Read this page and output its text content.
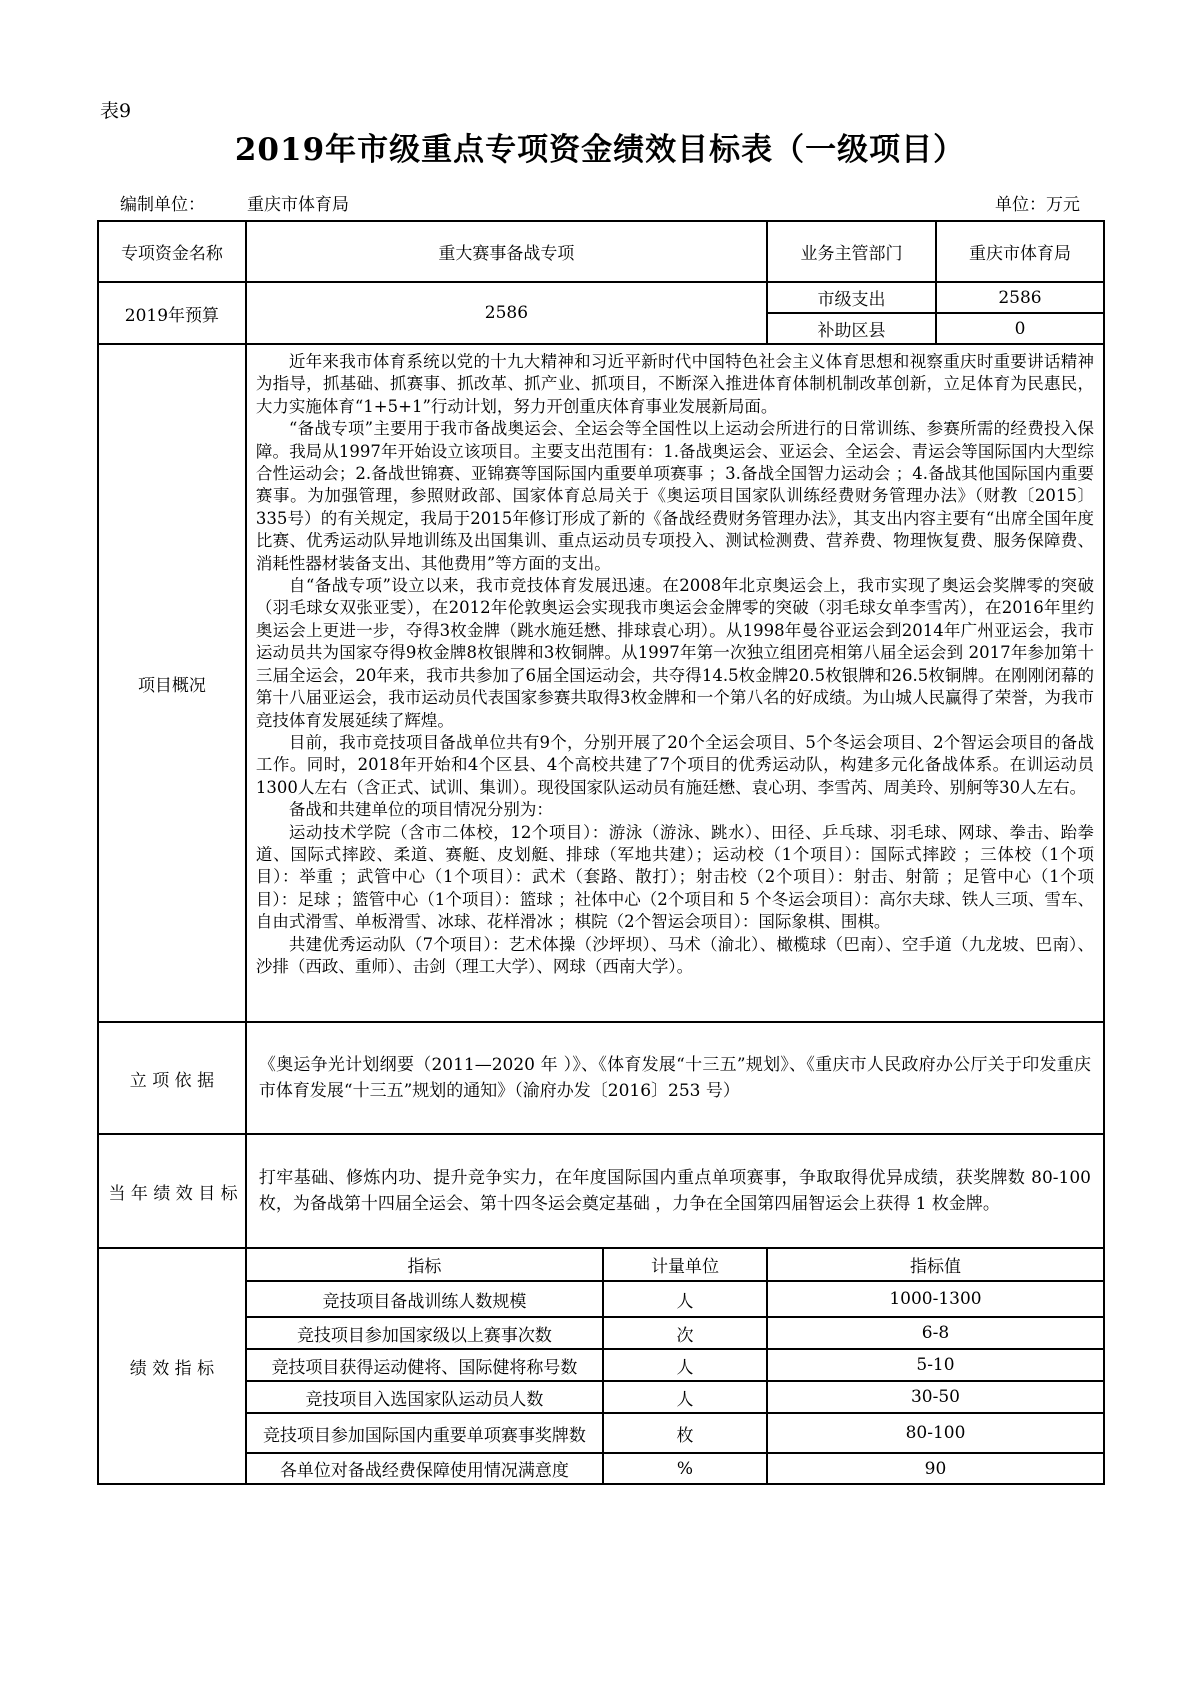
表9
2019年市级重点专项资金绩效目标表（一级项目）
编制单位： 重庆市体育局	单位：万元
专项资金名称	重大赛事备战专项		业务主管部门	重庆市体育局
2019年预算	2586		市级支出	2586
			补助区县	0
项目概况	

近年来我市体育系统以党的十九大精神和习近平新时代中国特色社会主义体育思想和视察重庆时重要讲话精神为指导，抓基础、抓赛事、抓改革、抓产业、抓项目，不断深入推进体育体制机制改革创新，立足体育为民惠民，大力实施体育“1+5+1”行动计划，努力开创重庆体育事业发展新局面。

“备战专项”主要用于我市备战奥运会、全运会等全国性以上运动会所进行的日常训练、参赛所需的经费投入保障。我局从1997年开始设立该项目。主要支出范围有：1.备战奥运会、亚运会、全运会、青运会等国际国内大型综合性运动会；2.备战世锦赛、亚锦赛等国际国内重要单项赛事 ；3.备战全国智力运动会 ；4.备战其他国际国内重要赛事。为加强管理，参照财政部、国家体育总局关于《奥运项目国家队训练经费财务管理办法》（财教〔2015〕335号）的有关规定，我局于2015年修订形成了新的《备战经费财务管理办法》，其支出内容主要有“出席全国年度比赛、优秀运动队异地训练及出国集训、重点运动员专项投入、测试检测费、营养费、物理恢复费、服务保障费、消耗性器材装备支出、其他费用”等方面的支出。

自“备战专项”设立以来，我市竞技体育发展迅速。在2008年北京奥运会上，我市实现了奥运会奖牌零的突破（羽毛球女双张亚雯），在2012年伦敦奥运会实现我市奥运会金牌零的突破（羽毛球女单李雪芮），在2016年里约奥运会上更进一步，夺得3枚金牌（跳水施廷懋、排球袁心玥）。从1998年曼谷亚运会到2014年广州亚运会，我市运动员共为国家夺得9枚金牌8枚银牌和3枚铜牌。从1997年第一次独立组团亮相第八届全运会到 2017年参加第十三届全运会，20年来，我市共参加了6届全国运动会，共夺得14.5枚金牌20.5枚银牌和26.5枚铜牌。在刚刚闭幕的第十八届亚运会，我市运动员代表国家参赛共取得3枚金牌和一个第八名的好成绩。为山城人民赢得了荣誉，为我市竞技体育发展延续了辉煌。

目前，我市竞技项目备战单位共有9个，分别开展了20个全运会项目、5个冬运会项目、2个智运会项目的备战工作。同时，2018年开始和4个区县、4个高校共建了7个项目的优秀运动队，构建多元化备战体系。在训运动员1300人左右（含正式、试训、集训）。现役国家队运动员有施廷懋、袁心玥、李雪芮、周美玲、别舸等30人左右。

备战和共建单位的项目情况分别为：

运动技术学院（含市二体校，12个项目）：游泳（游泳、跳水）、田径、乒乓球、羽毛球、网球、拳击、跆拳道、国际式摔跤、柔道、赛艇、皮划艇、排球（军地共建）；运动校（1个项目）：国际式摔跤 ；三体校（1个项目）：举重 ；武管中心（1个项目）：武术（套路、散打）；射击校（2个项目）：射击、射箭 ；足管中心（1个项目）：足球 ；篮管中心（1个项目）：篮球 ；社体中心（2个项目和 5 个冬运会项目）：高尔夫球、铁人三项、雪车、自由式滑雪、单板滑雪、冰球、花样滑冰 ；棋院（2个智运会项目）：国际象棋、围棋。

共建优秀运动队（7个项目）：艺术体操（沙坪坝）、马术（渝北）、橄榄球（巴南）、空手道（九龙坡、巴南）、沙排（西政、重师）、击剑（理工大学）、网球（西南大学）。

立项依据	《奥运争光计划纲要（2011—2020 年 ）》、《体育发展“十三五”规划》、《重庆市人民政府办公厅关于印发重庆市体育发展“十三五”规划的通知》（渝府办发〔2016〕253 号）			
当年绩效目标	打牢基础、修炼内功、提升竞争实力，在年度国际国内重点单项赛事，争取取得优异成绩，获奖牌数 80-100枚，为备战第十四届全运会、第十四冬运会奠定基础 ，力争在全国第四届智运会上获得 1 枚金牌。			
绩效指标	指标	计量单位	指标值	
	竞技项目备战训练人数规模	人	1000-1300	
	竞技项目参加国家级以上赛事次数	次	6-8	
	竞技项目获得运动健将、国际健将称号数	人	5-10	
	竞技项目入选国家队运动员人数	人	30-50	
	竞技项目参加国际国内重要单项赛事奖牌数	枚	80-100	
	各单位对备战经费保障使用情况满意度	%	90	
